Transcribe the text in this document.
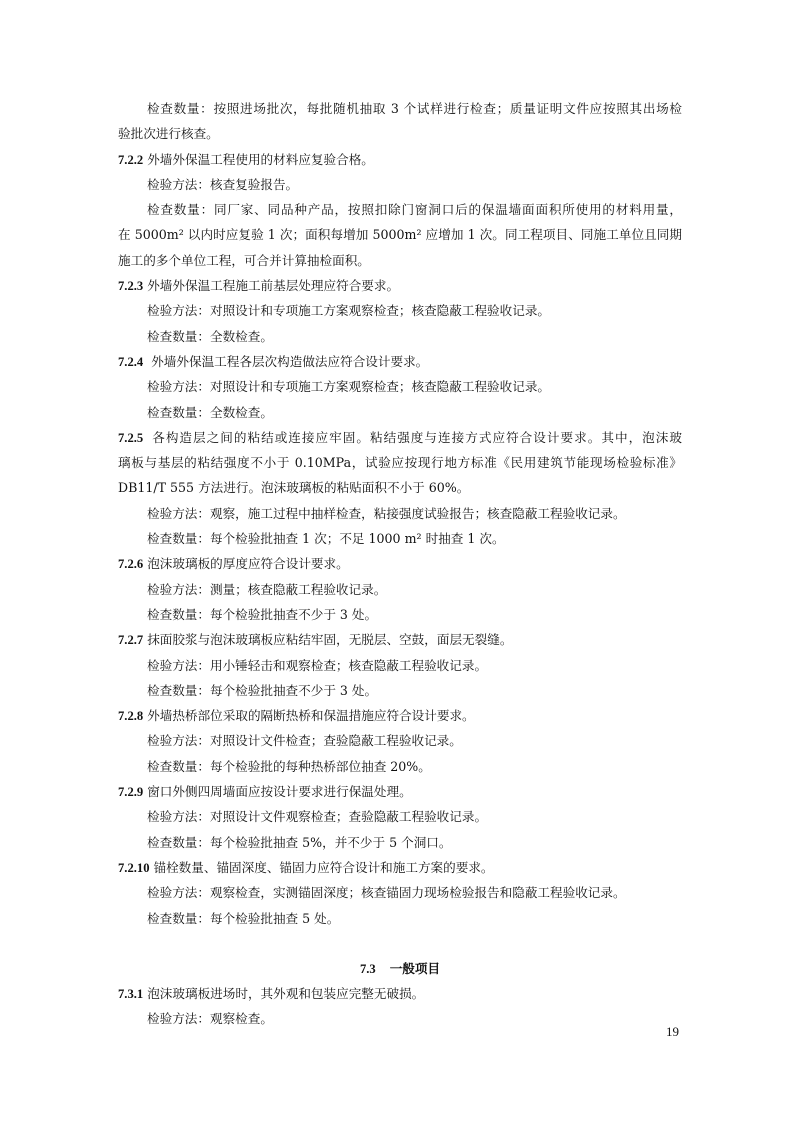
检查数量：按照进场批次，每批随机抽取 3 个试样进行检查；质量证明文件应按照其出场检
验批次进行核查。
7.2.2 外墙外保温工程使用的材料应复验合格。
检验方法：核查复验报告。
检查数量：同厂家、同品种产品，按照扣除门窗洞口后的保温墙面面积所使用的材料用量，
在 5000m² 以内时应复验 1 次；面积每增加 5000m² 应增加 1 次。同工程项目、同施工单位且同期
施工的多个单位工程，可合并计算抽检面积。
7.2.3 外墙外保温工程施工前基层处理应符合要求。
检验方法：对照设计和专项施工方案观察检查；核查隐蔽工程验收记录。
检查数量：全数检查。
7.2.4 外墙外保温工程各层次构造做法应符合设计要求。
检验方法：对照设计和专项施工方案观察检查；核查隐蔽工程验收记录。
检查数量：全数检查。
7.2.5 各构造层之间的粘结或连接应牢固。粘结强度与连接方式应符合设计要求。其中，泡沫玻
璃板与基层的粘结强度不小于 0.10MPa，试验应按现行地方标准《民用建筑节能现场检验标准》
DB11/T 555 方法进行。泡沫玻璃板的粘贴面积不小于 60%。
检验方法：观察，施工过程中抽样检查，粘接强度试验报告；核查隐蔽工程验收记录。
检查数量：每个检验批抽查 1 次；不足 1000 m² 时抽查 1 次。
7.2.6 泡沫玻璃板的厚度应符合设计要求。
检验方法：测量；核查隐蔽工程验收记录。
检查数量：每个检验批抽查不少于 3 处。
7.2.7 抹面胶浆与泡沫玻璃板应粘结牢固，无脱层、空鼓，面层无裂缝。
检验方法：用小锤轻击和观察检查；核查隐蔽工程验收记录。
检查数量：每个检验批抽查不少于 3 处。
7.2.8 外墙热桥部位采取的隔断热桥和保温措施应符合设计要求。
检验方法：对照设计文件检查；查验隐蔽工程验收记录。
检查数量：每个检验批的每种热桥部位抽查 20%。
7.2.9 窗口外侧四周墙面应按设计要求进行保温处理。
检验方法：对照设计文件观察检查；查验隐蔽工程验收记录。
检查数量：每个检验批抽查 5%，并不少于 5 个洞口。
7.2.10 锚栓数量、锚固深度、锚固力应符合设计和施工方案的要求。
检验方法：观察检查，实测锚固深度；核查锚固力现场检验报告和隐蔽工程验收记录。
检查数量：每个检验批抽查 5 处。
7.3 一般项目
7.3.1 泡沫玻璃板进场时，其外观和包装应完整无破损。
检验方法：观察检查。
19
